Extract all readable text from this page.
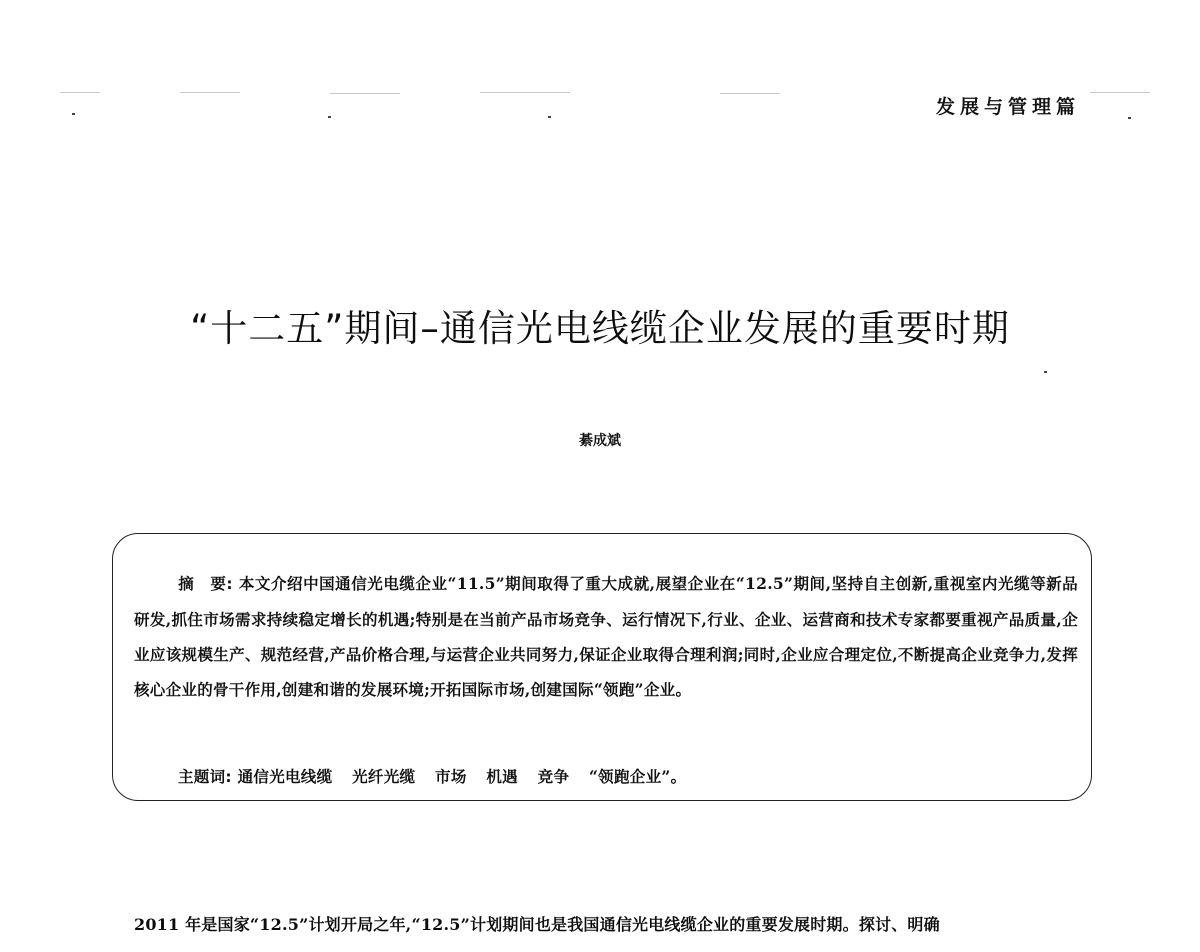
发展与管理篇
“十二五”期间–通信光电线缆企业发展的重要时期
綦成斌
摘　要: 本文介绍中国通信光电缆企业“11.5”期间取得了重大成就,展望企业在“12.5”期间,坚持自主创新,重视室内光缆等新品研发,抓住市场需求持续稳定增长的机遇;特别是在当前产品市场竞争、运行情况下,行业、企业、运营商和技术专家都要重视产品质量,企业应该规模生产、规范经营,产品价格合理,与运营企业共同努力,保证企业取得合理利润;同时,企业应合理定位,不断提高企业竞争力,发挥核心企业的骨干作用,创建和谐的发展环境;开拓国际市场,创建国际“领跑”企业。
主题词: 通信光电线缆 光纤光缆 市场 机遇 竞争 “领跑企业”。
2011 年是国家“12.5”计划开局之年,“12.5”计划期间也是我国通信光电线缆企业的重要发展时期。探讨、明确
